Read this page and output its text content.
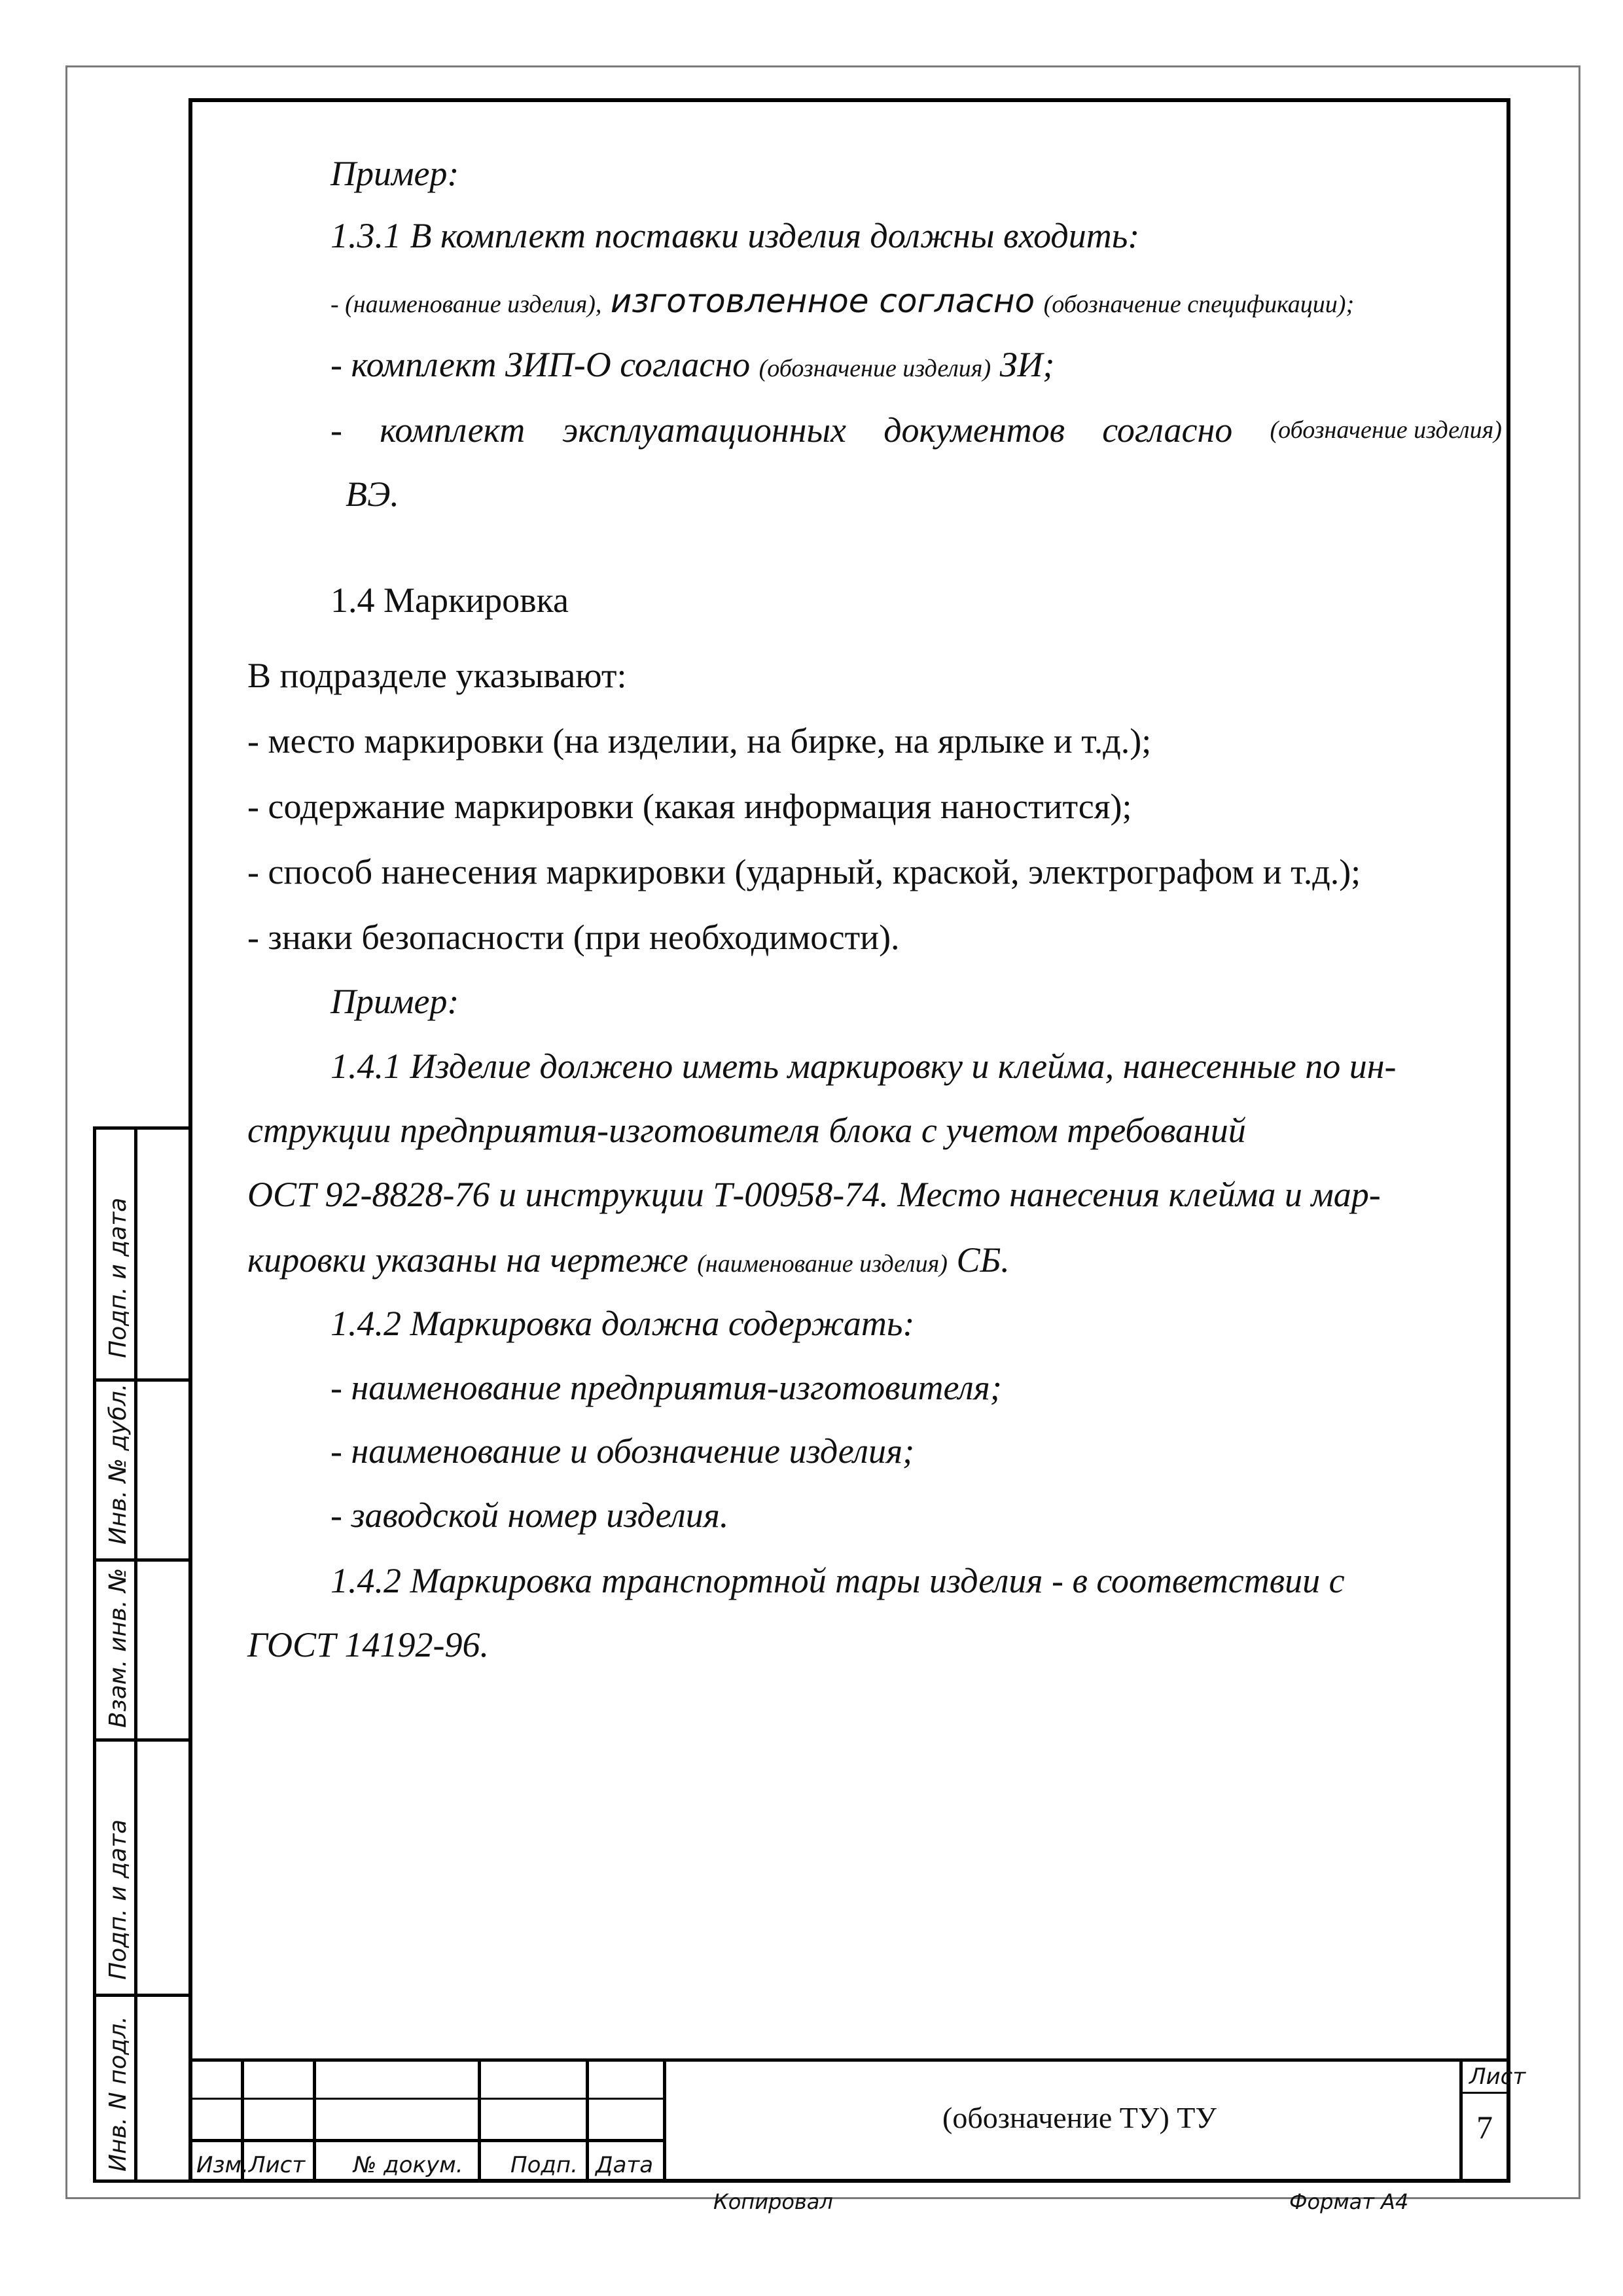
Подп. и дата
Инв. № дубл.
Взам. инв. №
Подп. и дата
Инв. N подл.
Пример:
1.3.1 В комплект поставки изделия должны входить:
- (наименование изделия), изготовленное согласно (обозначение спецификации);
- комплект ЗИП-О согласно (обозначение изделия) ЗИ;
- комплект эксплуатационных документов согласно (обозначение изделия)
ВЭ.
1.4 Маркировка
В подразделе указывают:
- место маркировки (на изделии, на бирке, на ярлыке и т.д.);
- содержание маркировки (какая информация наностится);
- способ нанесения маркировки (ударный, краской, электрографом и т.д.);
- знаки безопасности (при необходимости).
Пример:
1.4.1 Изделие должено иметь маркировку и клейма, нанесенные по ин-
струкции предприятия-изготовителя блока с учетом требований
ОСТ 92-8828-76 и инструкции Т-00958-74. Место нанесения клейма и мар-
кировки указаны на чертеже (наименование изделия) СБ.
1.4.2 Маркировка должна содержать:
- наименование предприятия-изготовителя;
- наименование и обозначение изделия;
- заводской номер изделия.
1.4.2 Маркировка транспортной тары изделия - в соответствии с
ГОСТ 14192-96.
Изм. Лист № докум. Подп. Дата
(обозначение ТУ) ТУ
Лист
7
Копировал	Формат А4
